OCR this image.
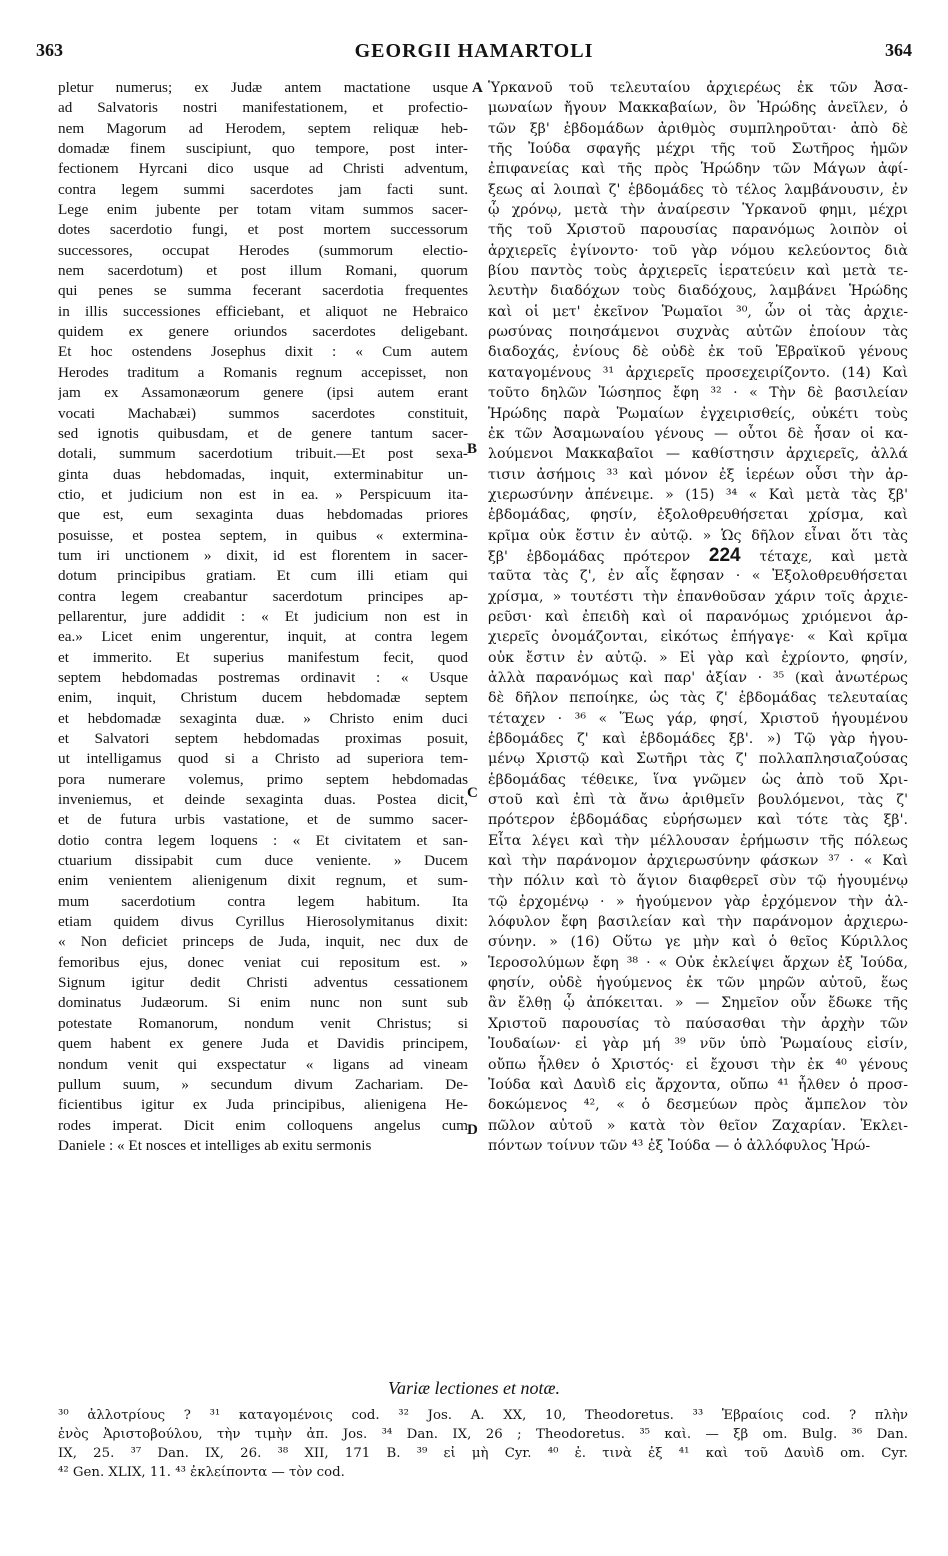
363	GEORGII HAMARTOLI	364
pletur numerus; ex Judæ antem mactatione usque
ad Salvatoris nostri manifestationem, et profectio-
nem Magorum ad Herodem, septem reliquæ heb-
domadæ finem suscipiunt, quo tempore, post inter-
fectionem Hyrcani dico usque ad Christi adventum,
contra legem summi sacerdotes jam facti sunt.
Lege enim jubente per totam vitam summos sacer-
dotes sacerdotio fungi, et post mortem successorum
successores, occupat Herodes (summorum electio-
nem sacerdotum) et post illum Romani, quorum
qui penes se summa fecerant sacerdotia frequentes
in illis successiones efficiebant, et aliquot ne Hebraico
quidem ex genere oriundos sacerdotes deligebant.
Et hoc ostendens Josephus dixit : « Cum autem
Herodes traditum a Romanis regnum accepisset, non
jam ex Assamonæorum genere (ipsi autem erant
vocati Machabæi) summos sacerdotes constituit,
sed ignotis quibusdam, et de genere tantum sacer-
dotali, summum sacerdotium tribuit.—Et post sexa-
ginta duas hebdomadas, inquit, exterminabitur un-
ctio, et judicium non est in ea. » Perspicuum ita-
que est, eum sexaginta duas hebdomadas priores
posuisse, et postea septem, in quibus « extermina-
tum iri unctionem » dixit, id est florentem in sacer-
dotum principibus gratiam. Et cum illi etiam qui
contra legem creabantur sacerdotum principes ap-
pellarentur, jure addidit : « Et judicium non est in
ea.» Licet enim ungerentur, inquit, at contra legem
et immerito. Et superius manifestum fecit, quod
septem hebdomadas postremas ordinavit : « Usque
enim, inquit, Christum ducem hebdomadæ septem
et hebdomadæ sexaginta duæ. » Christo enim duci
et Salvatori septem hebdomadas proximas posuit,
ut intelligamus quod si a Christo ad superiora tem-
pora numerare volemus, primo septem hebdomadas
inveniemus, et deinde sexaginta duas. Postea dicit,
et de futura urbis vastatione, et de summo sacer-
dotio contra legem loquens : « Et civitatem et san-
ctuarium dissipabit cum duce veniente. » Ducem
enim venientem alienigenum dixit regnum, et sum-
mum sacerdotium contra legem habitum. Ita
etiam quidem divus Cyrillus Hierosolymitanus dixit:
« Non deficiet princeps de Juda, inquit, nec dux de
femoribus ejus, donec veniat cui repositum est. »
Signum igitur dedit Christi adventus cessationem
dominatus Judæorum. Si enim nunc non sunt sub
potestate Romanorum, nondum venit Christus; si
quem habent ex genere Juda et Davidis principem,
nondum venit qui exspectatur « ligans ad vineam
pullum suum, » secundum divum Zachariam. De-
ficientibus igitur ex Juda principibus, alienigena He-
rodes imperat. Dicit enim colloquens angelus cum
Daniele : « Et nosces et intelliges ab exitu sermonis
Ὑρκανοῦ τοῦ τελευταίου ἀρχιερέως ἐκ τῶν Ἀσα-
μωναίων ἤγουν Μακκαβαίων, ὃν Ἡρώδης ἀνεῖλεν, ὁ
τῶν ξβ' ἑβδομάδων ἀριθμὸς συμπληροῦται· ἀπὸ δὲ
τῆς Ἰούδα σφαγῆς μέχρι τῆς τοῦ Σωτῆρος ἡμῶν
ἐπιφανείας καὶ τῆς πρὸς Ἡρώδην τῶν Μάγων ἀφί-
ξεως αἱ λοιπαὶ ζ' ἑβδομάδες τὸ τέλος λαμβάνουσιν, ἐν
ᾧ χρόνῳ, μετὰ τὴν ἀναίρεσιν Ὑρκανοῦ φημι, μέχρι
τῆς τοῦ Χριστοῦ παρουσίας παρανόμως λοιπὸν οἱ
ἀρχιερεῖς ἐγίνοντο· τοῦ γὰρ νόμου κελεύοντος διὰ
βίου παντὸς τοὺς ἀρχιερεῖς ἱερατεύειν καὶ μετὰ τε-
λευτὴν διαδόχων τοὺς διαδόχους, λαμβάνει Ἡρώδης
καὶ οἱ μετ' ἐκεῖνον Ῥωμαῖοι ³⁰, ὧν οἱ τὰς ἀρχιε-
ρωσύνας ποιησάμενοι συχνὰς αὐτῶν ἐποίουν τὰς
διαδοχάς, ἐνίους δὲ οὐδὲ ἐκ τοῦ Ἑβραϊκοῦ γένους
καταγομένους ³¹ ἀρχιερεῖς προσεχειρίζοντο. (14) Καὶ
τοῦτο δηλῶν Ἰώσηπος ἔφη ³² · « Τὴν δὲ βασιλείαν
Ἡρώδης παρὰ Ῥωμαίων ἐγχειρισθείς, οὐκέτι τοὺς
ἐκ τῶν Ἀσαμωναίου γένους — οὗτοι δὲ ἦσαν οἱ κα-
λούμενοι Μακκαβαῖοι — καθίστησιν ἀρχιερεῖς, ἀλλά
τισιν ἀσήμοις ³³ καὶ μόνον ἐξ ἱερέων οὖσι τὴν ἀρ-
χιερωσύνην ἀπένειμε. » (15) ³⁴ « Καὶ μετὰ τὰς ξβ'
ἑβδομάδας, φησίν, ἐξολοθρευθήσεται χρίσμα, καὶ
κρῖμα οὐκ ἔστιν ἐν αὐτῷ. » Ὡς δῆλον εἶναι ὅτι τὰς
ξβ' ἑβδομάδας πρότερον 224 τέταχε, καὶ μετὰ
ταῦτα τὰς ζ', ἐν αἷς ἔφησαν · « Ἐξολοθρευθήσεται
χρίσμα, » τουτέστι τὴν ἐπανθοῦσαν χάριν τοῖς ἀρχιε-
ρεῦσι· καὶ ἐπειδὴ καὶ οἱ παρανόμως χριόμενοι ἀρ-
χιερεῖς ὀνομάζονται, εἰκότως ἐπήγαγε· « Καὶ κρῖμα
οὐκ ἔστιν ἐν αὐτῷ. » Εἰ γὰρ καὶ ἐχρίοντο, φησίν,
ἀλλὰ παρανόμως καὶ παρ' ἀξίαν · ³⁵ (καὶ ἀνωτέρως
δὲ δῆλον πεποίηκε, ὡς τὰς ζ' ἑβδομάδας τελευταίας
τέταχεν · ³⁶ « Ἕως γάρ, φησί, Χριστοῦ ἡγουμένου
ἑβδομάδες ζ' καὶ ἑβδομάδες ξβ'. ») Τῷ γὰρ ἡγου-
μένῳ Χριστῷ καὶ Σωτῆρι τὰς ζ' πολλαπλησιαζούσας
ἑβδομάδας τέθεικε, ἵνα γνῶμεν ὡς ἀπὸ τοῦ Χρι-
στοῦ καὶ ἐπὶ τὰ ἄνω ἀριθμεῖν βουλόμενοι, τὰς ζ'
πρότερον ἑβδομάδας εὑρήσωμεν καὶ τότε τὰς ξβ'.
Εἶτα λέγει καὶ τὴν μέλλουσαν ἐρήμωσιν τῆς πόλεως
καὶ τὴν παράνομον ἀρχιερωσύνην φάσκων ³⁷ · « Καὶ
τὴν πόλιν καὶ τὸ ἅγιον διαφθερεῖ σὺν τῷ ἡγουμένῳ
τῷ ἐρχομένῳ · » ἡγούμενον γὰρ ἐρχόμενον τὴν ἀλ-
λόφυλον ἔφη βασιλείαν καὶ τὴν παράνομον ἀρχιερω-
σύνην. » (16) Οὕτω γε μὴν καὶ ὁ θεῖος Κύριλλος
Ἱεροσολύμων ἔφη ³⁸ · « Οὐκ ἐκλείψει ἄρχων ἐξ Ἰούδα,
φησίν, οὐδὲ ἡγούμενος ἐκ τῶν μηρῶν αὐτοῦ, ἕως
ἂν ἔλθῃ ᾧ ἀπόκειται. » — Σημεῖον οὖν ἔδωκε τῆς
Χριστοῦ παρουσίας τὸ παύσασθαι τὴν ἀρχὴν τῶν
Ἰουδαίων· εἰ γὰρ μή ³⁹ νῦν ὑπὸ Ῥωμαίους εἰσίν,
οὔπω ἦλθεν ὁ Χριστός· εἰ ἔχουσι τὴν ἐκ ⁴⁰ γένους
Ἰούδα καὶ Δαυὶδ εἰς ἄρχοντα, οὔπω ⁴¹ ἦλθεν ὁ προσ-
δοκώμενος ⁴², « ὁ δεσμεύων πρὸς ἄμπελον τὸν
πῶλον αὐτοῦ » κατὰ τὸν θεῖον Ζαχαρίαν. Ἐκλει-
πόντων τοίνυν τῶν ⁴³ ἐξ Ἰούδα — ὁ ἀλλόφυλος Ἡρώ-
A
B
C
D
Variæ lectiones et notæ.
³⁰ ἀλλοτρίους ? ³¹ καταγομένοις cod. ³² Jos. A. XX, 10, Theodoretus. ³³ Ἑβραίοις cod. ? πλὴν
ἑνὸς Ἀριστοβούλου, τὴν τιμὴν ἀπ. Jos. ³⁴ Dan. IX, 26 ; Theodoretus. ³⁵ καὶ. — ξβ om. Bulg. ³⁶ Dan.
IX, 25. ³⁷ Dan. IX, 26. ³⁸ XII, 171 B. ³⁹ εἰ μὴ Cyr. ⁴⁰ ἐ. τινὰ ἐξ ⁴¹ καὶ τοῦ Δαυὶδ om. Cyr.
⁴² Gen. XLIX, 11. ⁴³ ἐκλείποντα — τὸν cod.
